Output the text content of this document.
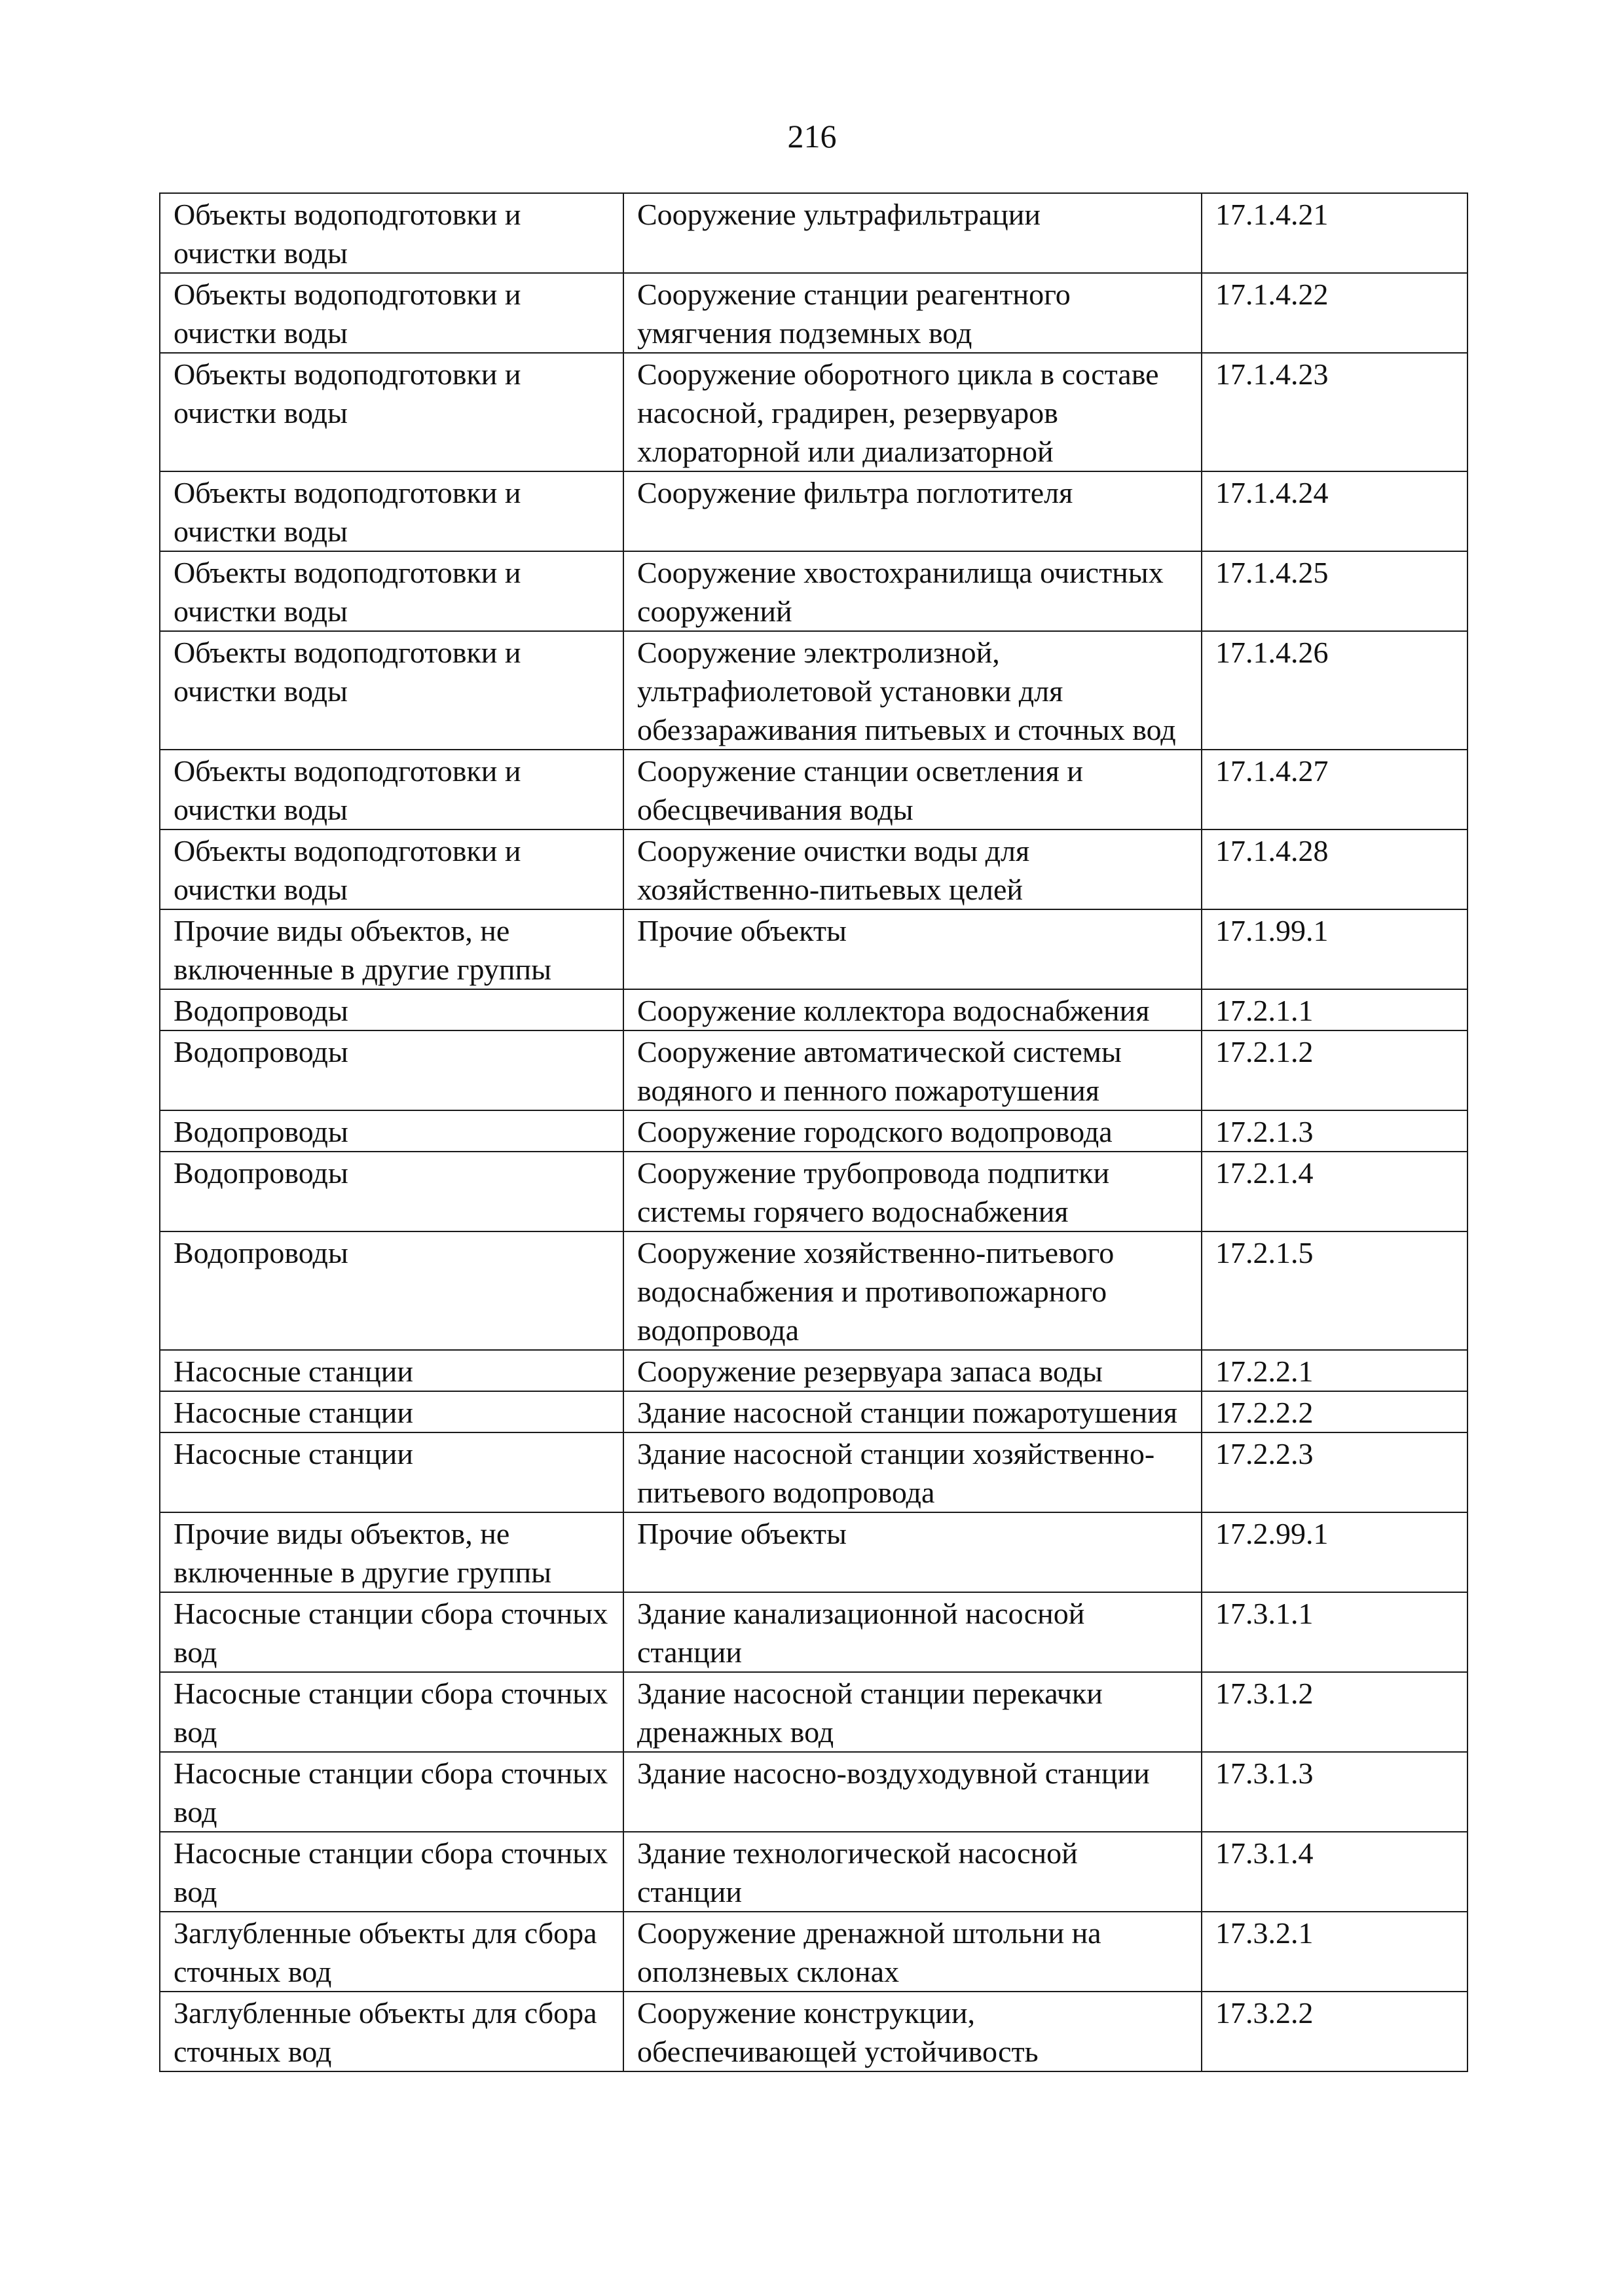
216
Объекты водоподготовки и очистки воды	Сооружение ультрафильтрации	17.1.4.21
Объекты водоподготовки и очистки воды	Сооружение станции реагентного умягчения подземных вод	17.1.4.22
Объекты водоподготовки и очистки воды	Сооружение оборотного цикла в составе насосной, градирен, резервуаров хлораторной или диализаторной	17.1.4.23
Объекты водоподготовки и очистки воды	Сооружение фильтра поглотителя	17.1.4.24
Объекты водоподготовки и очистки воды	Сооружение хвостохранилища очистных сооружений	17.1.4.25
Объекты водоподготовки и очистки воды	Сооружение электролизной, ультрафиолетовой установки для обеззараживания питьевых и сточных вод	17.1.4.26
Объекты водоподготовки и очистки воды	Сооружение станции осветления и обесцвечивания воды	17.1.4.27
Объекты водоподготовки и очистки воды	Сооружение очистки воды для хозяйственно-питьевых целей	17.1.4.28
Прочие виды объектов, не включенные в другие группы	Прочие объекты	17.1.99.1
Водопроводы	Сооружение коллектора водоснабжения	17.2.1.1
Водопроводы	Сооружение автоматической системы водяного и пенного пожаротушения	17.2.1.2
Водопроводы	Сооружение городского водопровода	17.2.1.3
Водопроводы	Сооружение трубопровода подпитки системы горячего водоснабжения	17.2.1.4
Водопроводы	Сооружение хозяйственно-питьевого водоснабжения и противопожарного водопровода	17.2.1.5
Насосные станции	Сооружение резервуара запаса воды	17.2.2.1
Насосные станции	Здание насосной станции пожаротушения	17.2.2.2
Насосные станции	Здание насосной станции хозяйственно-питьевого водопровода	17.2.2.3
Прочие виды объектов, не включенные в другие группы	Прочие объекты	17.2.99.1
Насосные станции сбора сточных вод	Здание канализационной насосной станции	17.3.1.1
Насосные станции сбора сточных вод	Здание насосной станции перекачки дренажных вод	17.3.1.2
Насосные станции сбора сточных вод	Здание насосно-воздуходувной станции	17.3.1.3
Насосные станции сбора сточных вод	Здание технологической насосной станции	17.3.1.4
Заглубленные объекты для сбора сточных вод	Сооружение дренажной штольни на оползневых склонах	17.3.2.1
Заглубленные объекты для сбора сточных вод	Сооружение конструкции, обеспечивающей устойчивость	17.3.2.2
